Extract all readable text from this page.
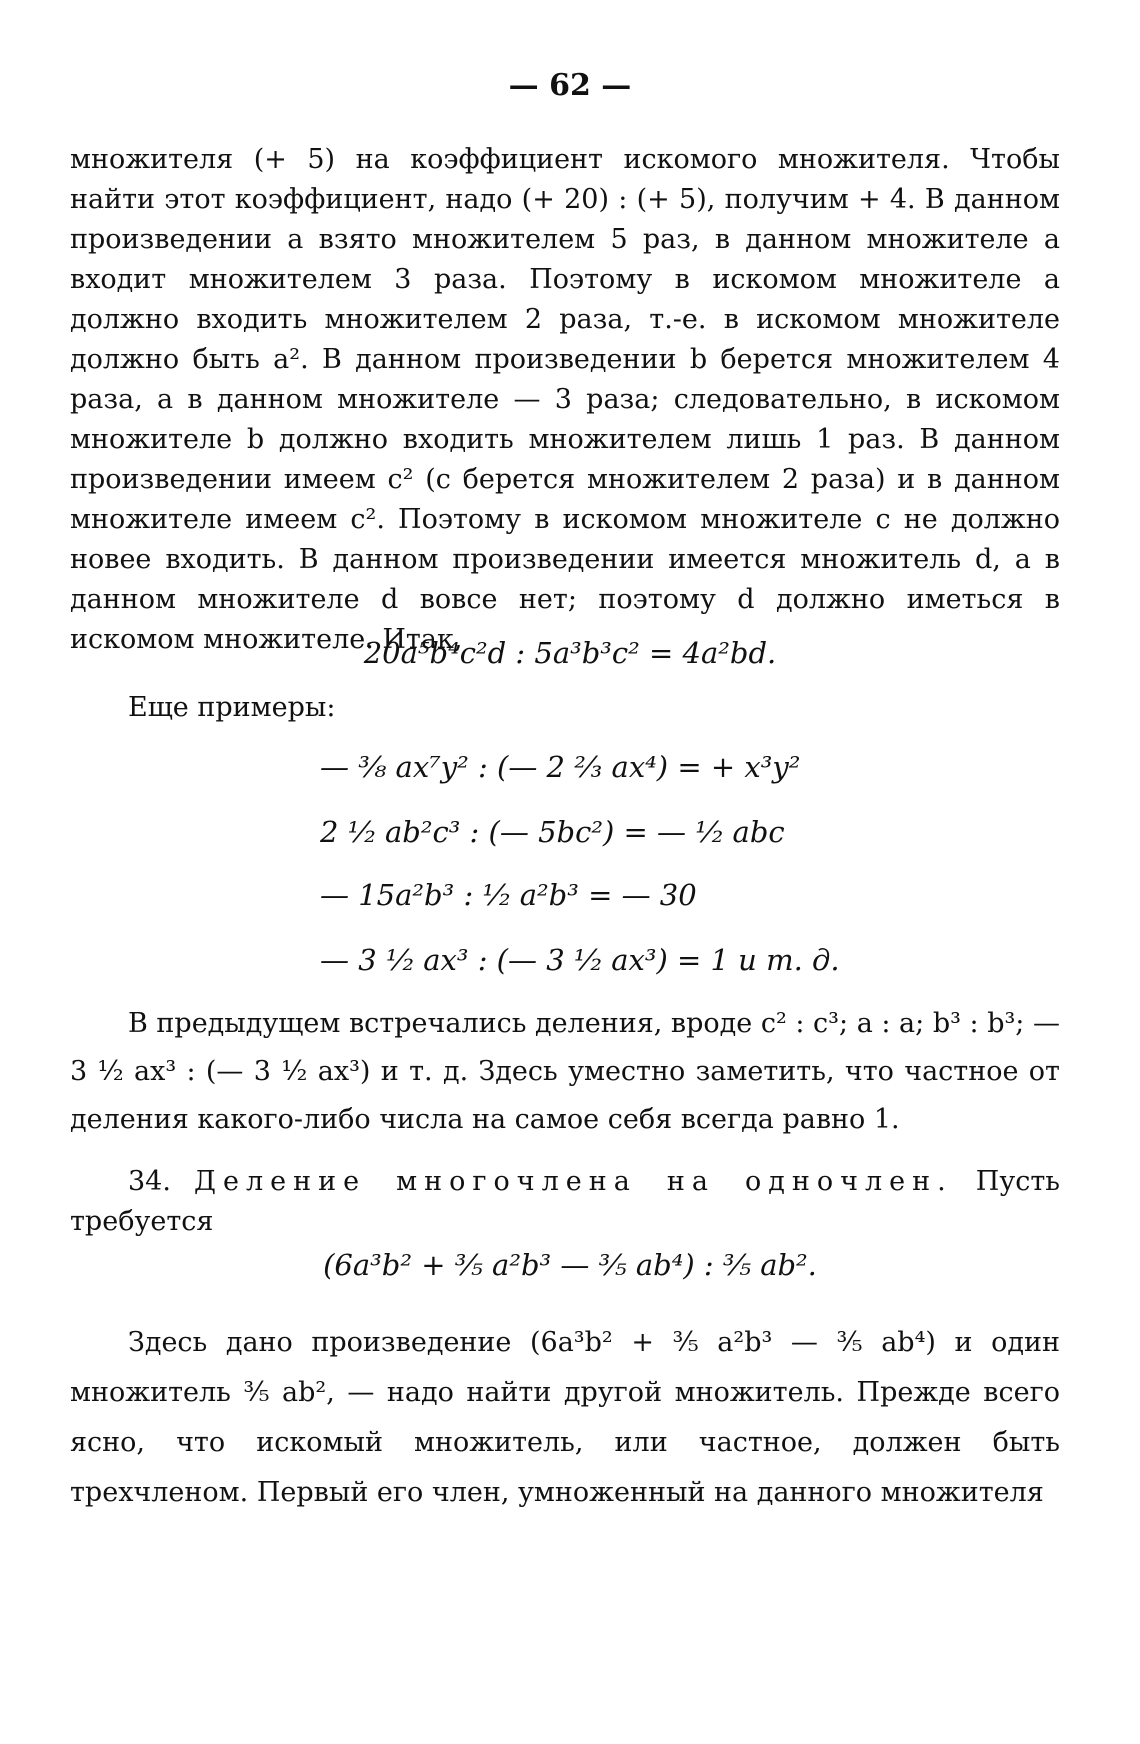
— 62 —

множителя (+ 5) на коэффициент искомого множителя. Чтобы найти этот коэффициент, надо (+ 20) : (+ 5), получим + 4. В данном произведении a взято множителем 5 раз, в данном множителе a входит множителем 3 раза. Поэтому в искомом множителе a должно входить множителем 2 раза, т.-е. в искомом множителе должно быть a². В данном произведении b берется множителем 4 раза, а в данном множителе — 3 раза; следовательно, в искомом множителе b должно входить множителем лишь 1 раз. В данном произведении имеем c² (c берется множителем 2 раза) и в данном множителе имеем c². Поэтому в искомом множителе c не должно новее входить. В данном произведении имеется множитель d, а в данном множителе d вовсе нет; поэтому d должно иметься в искомом множителе. Итак,

20a⁵b⁴c²d : 5a³b³c² = 4a²bd.
Еще примеры:
— ³⁄₈ ax⁷y² : (— 2 ²⁄₃ ax⁴) = + x³y²
2 ¹⁄₂ ab²c³ : (— 5bc²) = — ¹⁄₂ abc
— 15a²b³ : ¹⁄₂ a²b³ = — 30
— 3 ¹⁄₂ ax³ : (— 3 ¹⁄₂ ax³) = 1 и т. д.

В предыдущем встречались деления, вроде c² : c³; a : a; b³ : b³; — 3 ¹⁄₂ ax³ : (— 3 ¹⁄₂ ax³) и т. д. Здесь уместно заметить, что частное от деления какого-либо числа на самое себя всегда равно 1.

34. Деление многочлена на одночлен. Пусть требуется

(6a³b² + ³⁄₅ a²b³ — ³⁄₅ ab⁴) : ³⁄₅ ab².

Здесь дано произведение (6a³b² + ³⁄₅ a²b³ — ³⁄₅ ab⁴) и один множитель ³⁄₅ ab², — надо найти другой множитель. Прежде всего ясно, что искомый множитель, или частное, должен быть трехчленом. Первый его член, умноженный на данного множителя
